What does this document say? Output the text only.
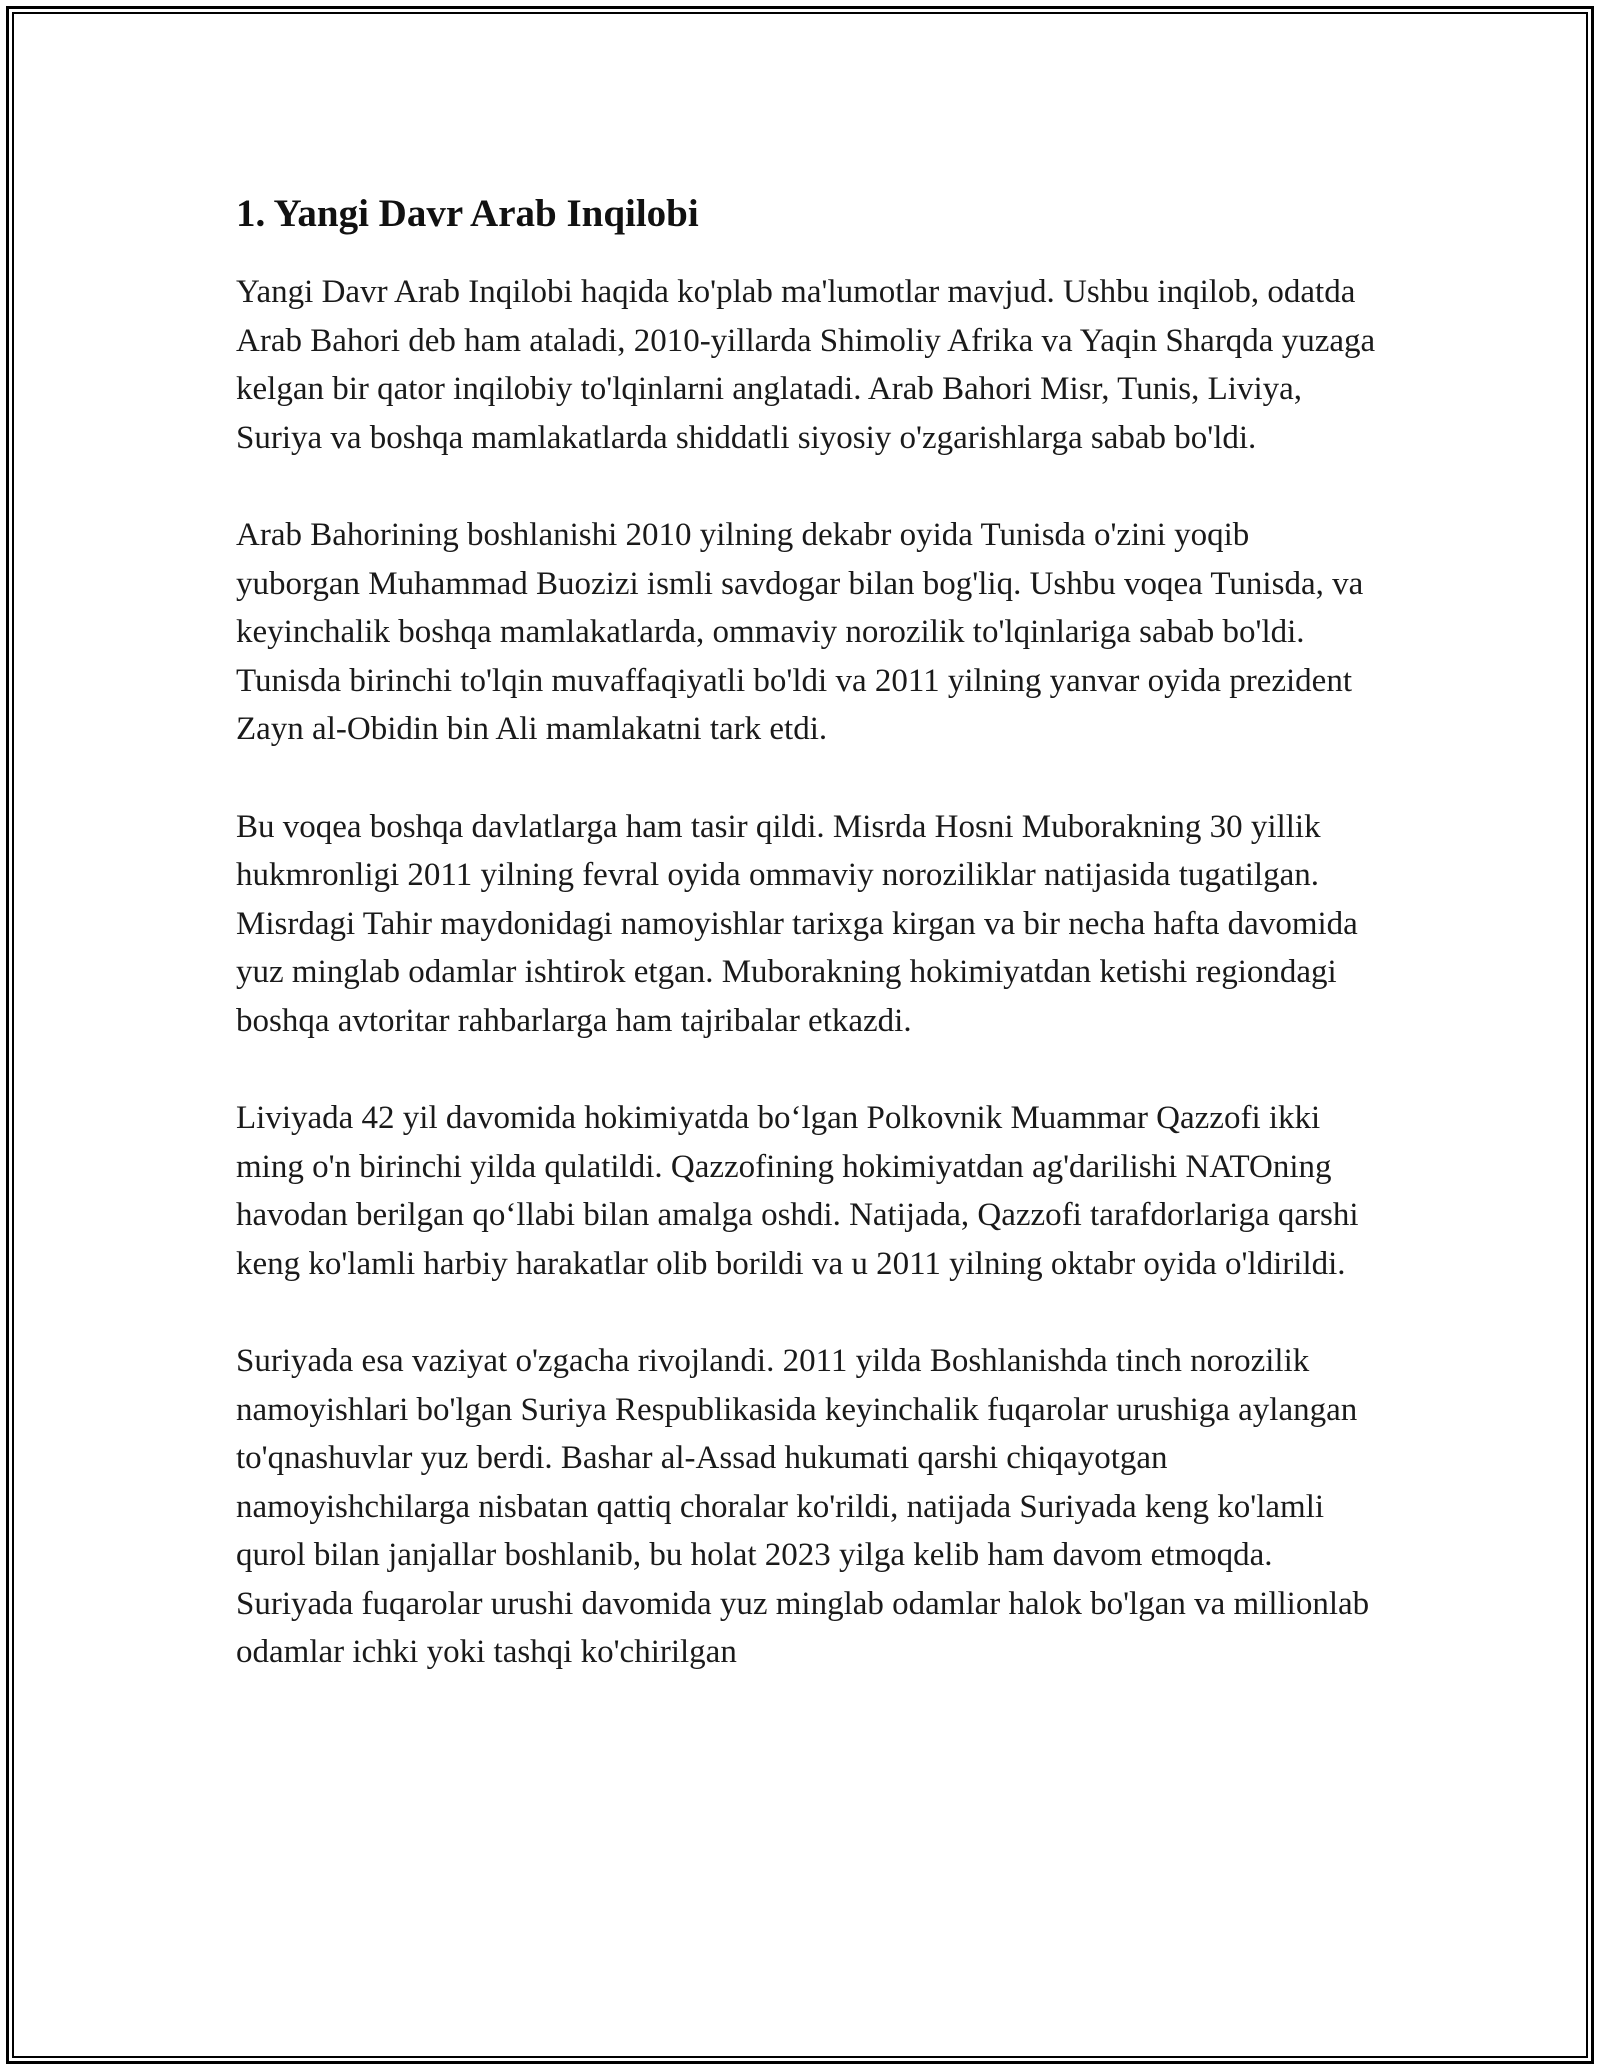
1. Yangi Davr Arab Inqilobi

Yangi Davr Arab Inqilobi haqida ko'plab ma'lumotlar mavjud. Ushbu inqilob, odatda Arab Bahori deb ham ataladi, 2010-yillarda Shimoliy Afrika va Yaqin Sharqda yuzaga kelgan bir qator inqilobiy to'lqinlarni anglatadi. Arab Bahori Misr, Tunis, Liviya, Suriya va boshqa mamlakatlarda shiddatli siyosiy o'zgarishlarga sabab bo'ldi.

Arab Bahorining boshlanishi 2010 yilning dekabr oyida Tunisda o'zini yoqib yuborgan Muhammad Buozizi ismli savdogar bilan bog'liq. Ushbu voqea Tunisda, va keyinchalik boshqa mamlakatlarda, ommaviy norozilik to'lqinlariga sabab bo'ldi. Tunisda birinchi to'lqin muvaffaqiyatli bo'ldi va 2011 yilning yanvar oyida prezident Zayn al-Obidin bin Ali mamlakatni tark etdi.

Bu voqea boshqa davlatlarga ham tasir qildi. Misrda Hosni Muborakning 30 yillik hukmronligi 2011 yilning fevral oyida ommaviy noroziliklar natijasida tugatilgan. Misrdagi Tahir maydonidagi namoyishlar tarixga kirgan va bir necha hafta davomida yuz minglab odamlar ishtirok etgan. Muborakning hokimiyatdan ketishi regiondagi boshqa avtoritar rahbarlarga ham tajribalar etkazdi.

Liviyada 42 yil davomida hokimiyatda bo‘lgan Polkovnik Muammar Qazzofi ikki ming o'n birinchi yilda qulatildi. Qazzofining hokimiyatdan ag'darilishi NATOning havodan berilgan qo‘llabi bilan amalga oshdi. Natijada, Qazzofi tarafdorlariga qarshi keng ko'lamli harbiy harakatlar olib borildi va u 2011 yilning oktabr oyida o'ldirildi.

Suriyada esa vaziyat o'zgacha rivojlandi. 2011 yilda Boshlanishda tinch norozilik namoyishlari bo'lgan Suriya Respublikasida keyinchalik fuqarolar urushiga aylangan to'qnashuvlar yuz berdi. Bashar al-Assad hukumati qarshi chiqayotgan namoyishchilarga nisbatan qattiq choralar ko'rildi, natijada Suriyada keng ko'lamli qurol bilan janjallar boshlanib, bu holat 2023 yilga kelib ham davom etmoqda. Suriyada fuqarolar urushi davomida yuz minglab odamlar halok bo'lgan va millionlab odamlar ichki yoki tashqi ko'chirilgan
